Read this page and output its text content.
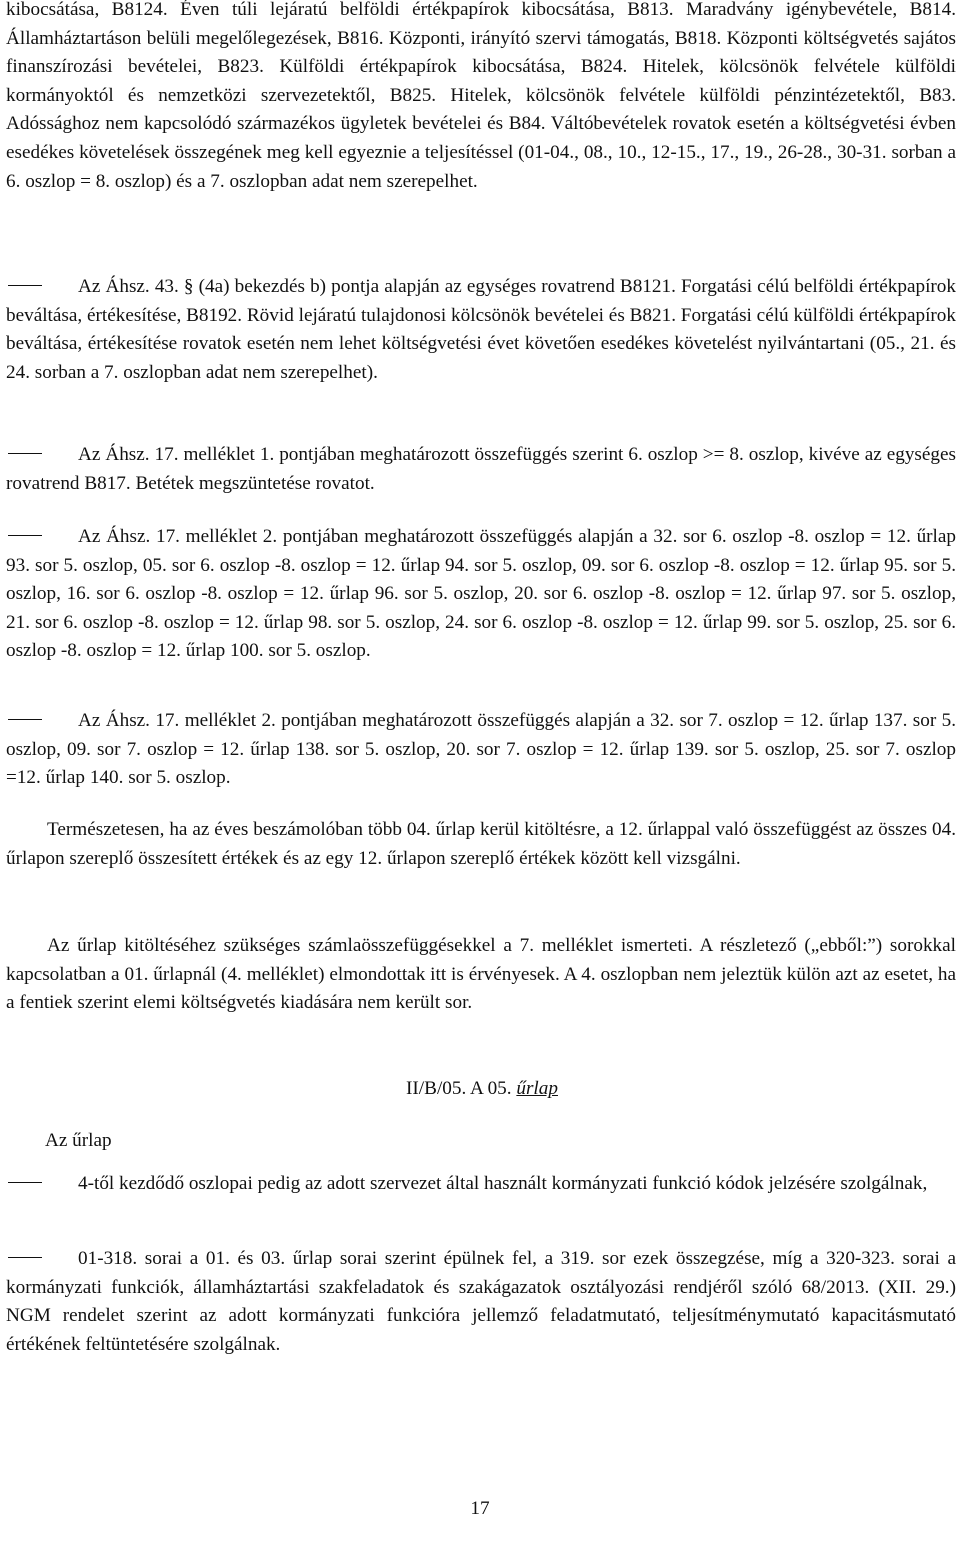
kibocsátása, B8124. Éven túli lejáratú belföldi értékpapírok kibocsátása, B813. Maradvány igénybevétele, B814. Államháztartáson belüli megelőlegezések, B816. Központi, irányító szervi támogatás, B818. Központi költségvetés sajátos finanszírozási bevételei, B823. Külföldi értékpapírok kibocsátása, B824. Hitelek, kölcsönök felvétele külföldi kormányoktól és nemzetközi szervezetektől, B825. Hitelek, kölcsönök felvétele külföldi pénzintézetektől, B83. Adóssághoz nem kapcsolódó származékos ügyletek bevételei és B84. Váltóbevételek rovatok esetén a költségvetési évben esedékes követelések összegének meg kell egyeznie a teljesítéssel (01-04., 08., 10., 12-15., 17., 19., 26-28., 30-31. sorban a 6. oszlop = 8. oszlop) és a 7. oszlopban adat nem szerepelhet.

Az Áhsz. 43. § (4a) bekezdés b) pontja alapján az egységes rovatrend B8121. Forgatási célú belföldi értékpapírok beváltása, értékesítése, B8192. Rövid lejáratú tulajdonosi kölcsönök bevételei és B821. Forgatási célú külföldi értékpapírok beváltása, értékesítése rovatok esetén nem lehet költségvetési évet követően esedékes követelést nyilvántartani (05., 21. és 24. sorban a 7. oszlopban adat nem szerepelhet).

Az Áhsz. 17. melléklet 1. pontjában meghatározott összefüggés szerint 6. oszlop >= 8. oszlop, kivéve az egységes rovatrend B817. Betétek megszüntetése rovatot.

Az Áhsz. 17. melléklet 2. pontjában meghatározott összefüggés alapján a 32. sor 6. oszlop -8. oszlop = 12. űrlap 93. sor 5. oszlop, 05. sor 6. oszlop -8. oszlop = 12. űrlap 94. sor 5. oszlop, 09. sor 6. oszlop -8. oszlop = 12. űrlap 95. sor 5. oszlop, 16. sor 6. oszlop -8. oszlop = 12. űrlap 96. sor 5. oszlop, 20. sor 6. oszlop -8. oszlop = 12. űrlap 97. sor 5. oszlop, 21. sor 6. oszlop -8. oszlop = 12. űrlap 98. sor 5. oszlop, 24. sor 6. oszlop -8. oszlop = 12. űrlap 99. sor 5. oszlop, 25. sor 6. oszlop -8. oszlop = 12. űrlap 100. sor 5. oszlop.

Az Áhsz. 17. melléklet 2. pontjában meghatározott összefüggés alapján a 32. sor 7. oszlop = 12. űrlap 137. sor 5. oszlop, 09. sor 7. oszlop = 12. űrlap 138. sor 5. oszlop, 20. sor 7. oszlop = 12. űrlap 139. sor 5. oszlop, 25. sor 7. oszlop =12. űrlap 140. sor 5. oszlop.

Természetesen, ha az éves beszámolóban több 04. űrlap kerül kitöltésre, a 12. űrlappal való összefüggést az összes 04. űrlapon szereplő összesített értékek és az egy 12. űrlapon szereplő értékek között kell vizsgálni.

Az űrlap kitöltéséhez szükséges számlaösszefüggésekkel a 7. melléklet ismerteti. A részletező („ebből:”) sorokkal kapcsolatban a 01. űrlapnál (4. melléklet) elmondottak itt is érvényesek. A 4. oszlopban nem jeleztük külön azt az esetet, ha a fentiek szerint elemi költségvetés kiadására nem került sor.

II/B/05. A 05. űrlap

Az űrlap

4-től kezdődő oszlopai pedig az adott szervezet által használt kormányzati funkció kódok jelzésére szolgálnak,

01-318. sorai a 01. és 03. űrlap sorai szerint épülnek fel, a 319. sor ezek összegzése, míg a 320-323. sorai a kormányzati funkciók, államháztartási szakfeladatok és szakágazatok osztályozási rendjéről szóló 68/2013. (XII. 29.) NGM rendelet szerint az adott kormányzati funkcióra jellemző feladatmutató, teljesítménymutató kapacitásmutató értékének feltüntetésére szolgálnak.

17
